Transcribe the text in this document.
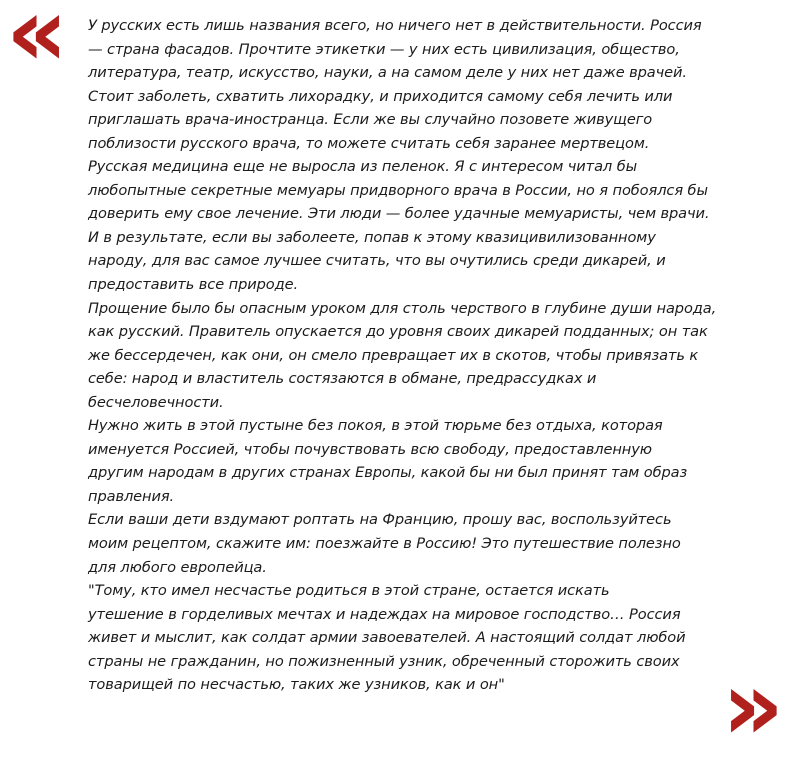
« У русских есть лишь названия всего, но ничего нет в действительности. Россия
— страна фасадов. Прочтите этикетки — у них есть цивилизация, общество,
литература, театр, искусство, науки, а на самом деле у них нет даже врачей.
Стоит заболеть, схватить лихорадку, и приходится самому себя лечить или
приглашать врача-иностранца. Если же вы случайно позовете живущего
поблизости русского врача, то можете считать себя заранее мертвецом.
Русская медицина еще не выросла из пеленок. Я с интересом читал бы
любопытные секретные мемуары придворного врача в России, но я побоялся бы
доверить ему свое лечение. Эти люди — более удачные мемуаристы, чем врачи.
И в результате, если вы заболеете, попав к этому квазицивилизованному
народу, для вас самое лучшее считать, что вы очутились среди дикарей, и
предоставить все природе.
Прощение было бы опасным уроком для столь черствого в глубине души народа,
как русский. Правитель опускается до уровня своих дикарей подданных; он так
же бессердечен, как они, он смело превращает их в скотов, чтобы привязать к
себе: народ и властитель состязаются в обмане, предрассудках и
бесчеловечности.
Нужно жить в этой пустыне без покоя, в этой тюрьме без отдыха, которая
именуется Россией, чтобы почувствовать всю свободу, предоставленную
другим народам в других странах Европы, какой бы ни был принят там образ
правления.
Если ваши дети вздумают роптать на Францию, прошу вас, воспользуйтесь
моим рецептом, скажите им: поезжайте в Россию! Это путешествие полезно
для любого европейца.
"Тому, кто имел несчастье родиться в этой стране, остается искать
утешение в горделивых мечтах и надеждах на мировое господство… Россия
живет и мыслит, как солдат армии завоевателей. А настоящий солдат любой
страны не гражданин, но пожизненный узник, обреченный сторожить своих
товарищей по несчастью, таких же узников, как и он"	»
